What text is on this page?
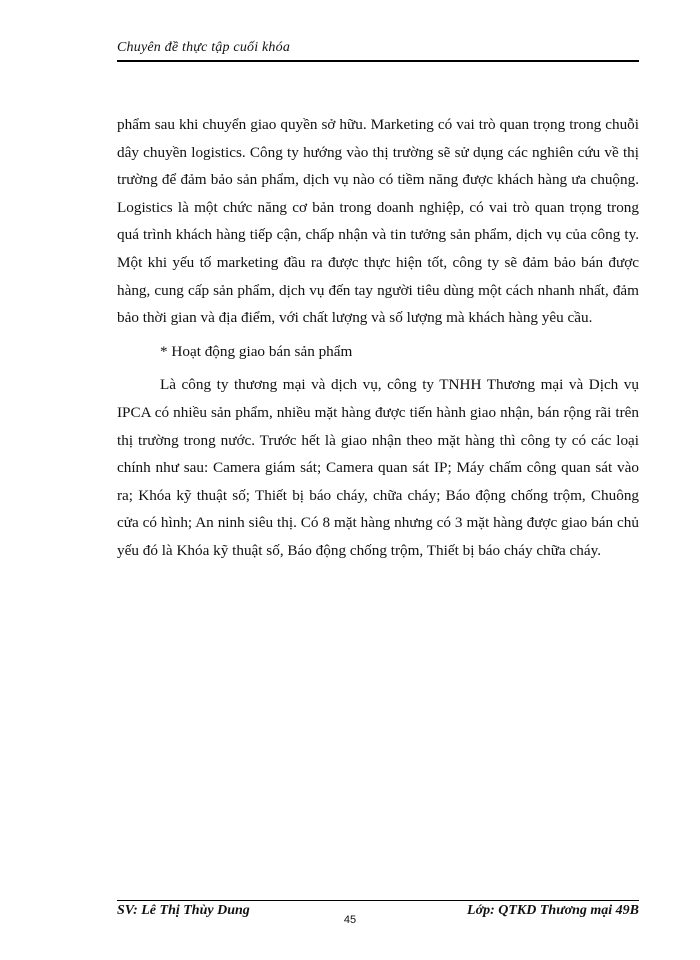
Chuyên đề thực tập cuối khóa

phẩm sau khi chuyển giao quyền sở hữu. Marketing có vai trò quan trọng trong chuỗi dây chuyền logistics. Công ty hướng vào thị trường sẽ sử dụng các nghiên cứu về thị trường để đảm bảo sản phẩm, dịch vụ nào có tiềm năng được khách hàng ưa chuộng. Logistics là một chức năng cơ bản trong doanh nghiệp, có vai trò quan trọng trong quá trình khách hàng tiếp cận, chấp nhận và tin tưởng sản phẩm, dịch vụ của công ty. Một khi yếu tố marketing đầu ra được thực hiện tốt, công ty sẽ đảm bảo bán được hàng, cung cấp sản phẩm, dịch vụ đến tay người tiêu dùng một cách nhanh nhất, đảm bảo thời gian và địa điểm, với chất lượng và số lượng mà khách hàng yêu cầu.

* Hoạt động giao bán sản phẩm

Là công ty thương mại và dịch vụ, công ty TNHH Thương mại và Dịch vụ IPCA có nhiều sản phẩm, nhiều mặt hàng được tiến hành giao nhận, bán rộng rãi trên thị trường trong nước. Trước hết là giao nhận theo mặt hàng thì công ty có các loại chính như sau: Camera giám sát; Camera quan sát IP; Máy chấm công quan sát vào ra; Khóa kỹ thuật số; Thiết bị báo cháy, chữa cháy; Báo động chống trộm, Chuông cửa có hình; An ninh siêu thị. Có 8 mặt hàng nhưng có 3 mặt hàng được giao bán chủ yếu đó là Khóa kỹ thuật số, Báo động chống trộm, Thiết bị báo cháy chữa cháy.

SV: Lê Thị Thùy Dung
45
Lớp: QTKD Thương mại 49B
